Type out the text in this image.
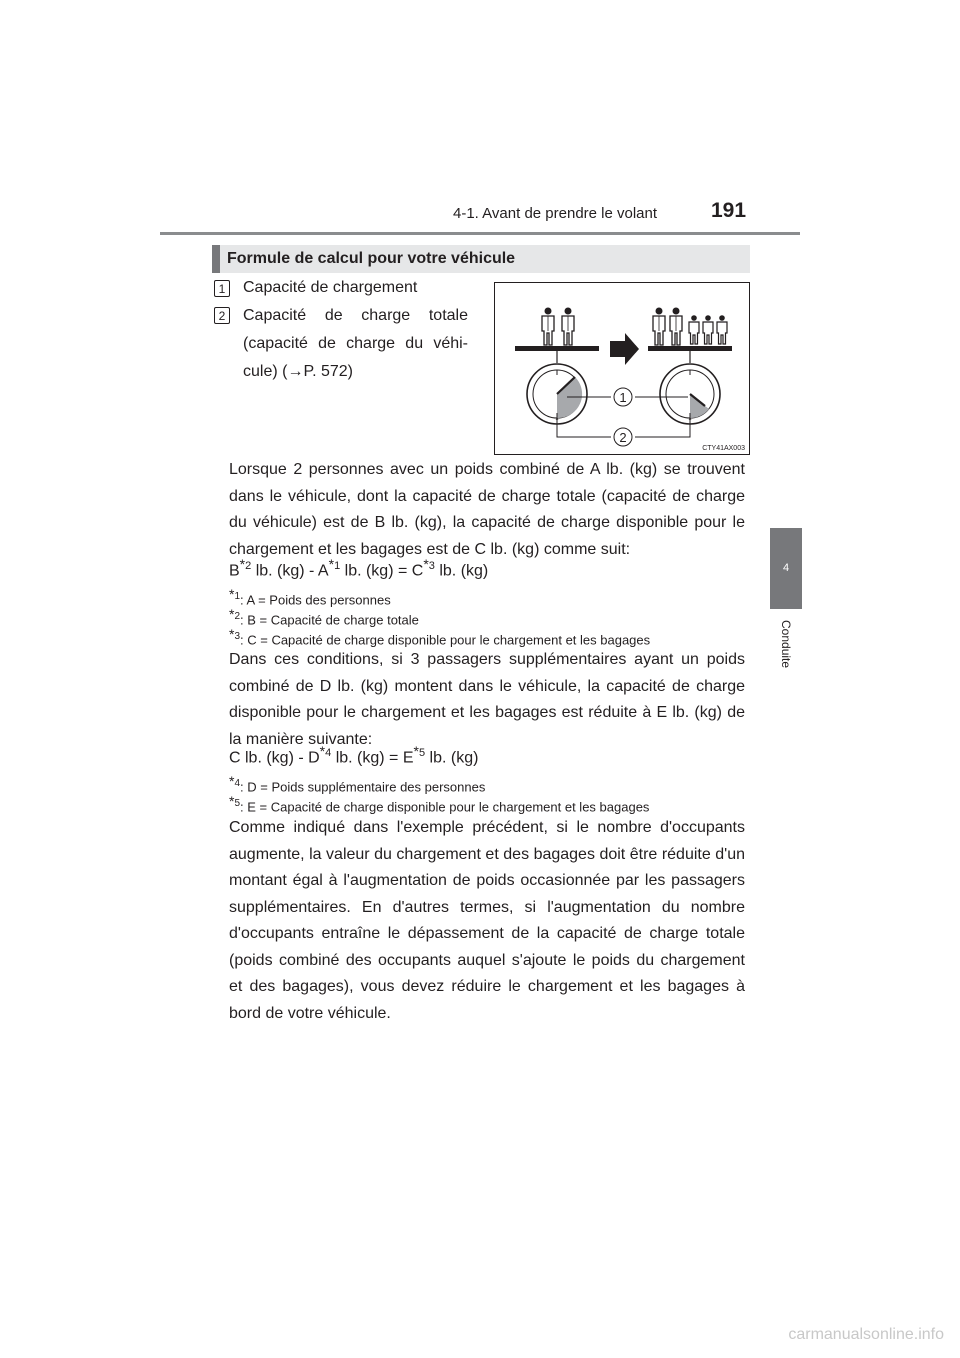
4-1. Avant de prendre le volant	191
4
Conduite
Formule de calcul pour votre véhicule
1 Capacité de chargement
2 Capacité de charge totale
(capacité de charge du véhi-
cule) (→P. 572)
^	^
1
2
CTY41AX003
Lorsque 2 personnes avec un poids combiné de A lb. (kg) se trouvent dans le véhicule, dont la capacité de charge totale (capacité de charge du véhicule) est de B lb. (kg), la capacité de charge disponible pour le chargement et les bagages est de C lb. (kg) comme suit:
$B^{*2}$ lb. $(kg) - A^{*1}$ lb. $(kg) = C^{*3}$ lb. (kg)
$^{*1}$: A = Poids des personnes
$^{*2}$: B = Capacité de charge totale
$^{*3}$: C = Capacité de charge disponible pour le chargement et les bagages
Dans ces conditions, si 3 passagers supplémentaires ayant un poids combiné de D lb. (kg) montent dans le véhicule, la capacité de charge disponible pour le chargement et les bagages est réduite à E lb. (kg) de la manière suivante:
C lb. $(kg) - D^{*4}$ lb. $(kg) = E^{*5}$ lb. (kg)
$^{*4}$: D = Poids supplémentaire des personnes
$^{*5}$: E = Capacité de charge disponible pour le chargement et les bagages
Comme indiqué dans l'exemple précédent, si le nombre d'occupants augmente, la valeur du chargement et des bagages doit être réduite d'un montant égal à l'augmentation de poids occasionnée par les passagers supplémentaires. En d'autres termes, si l'augmentation du nombre d'occupants entraîne le dépassement de la capacité de charge totale (poids combiné des occupants auquel s'ajoute le poids du chargement et des bagages), vous devez réduire le chargement et les bagages à bord de votre véhicule.
carmanualsonline.info
